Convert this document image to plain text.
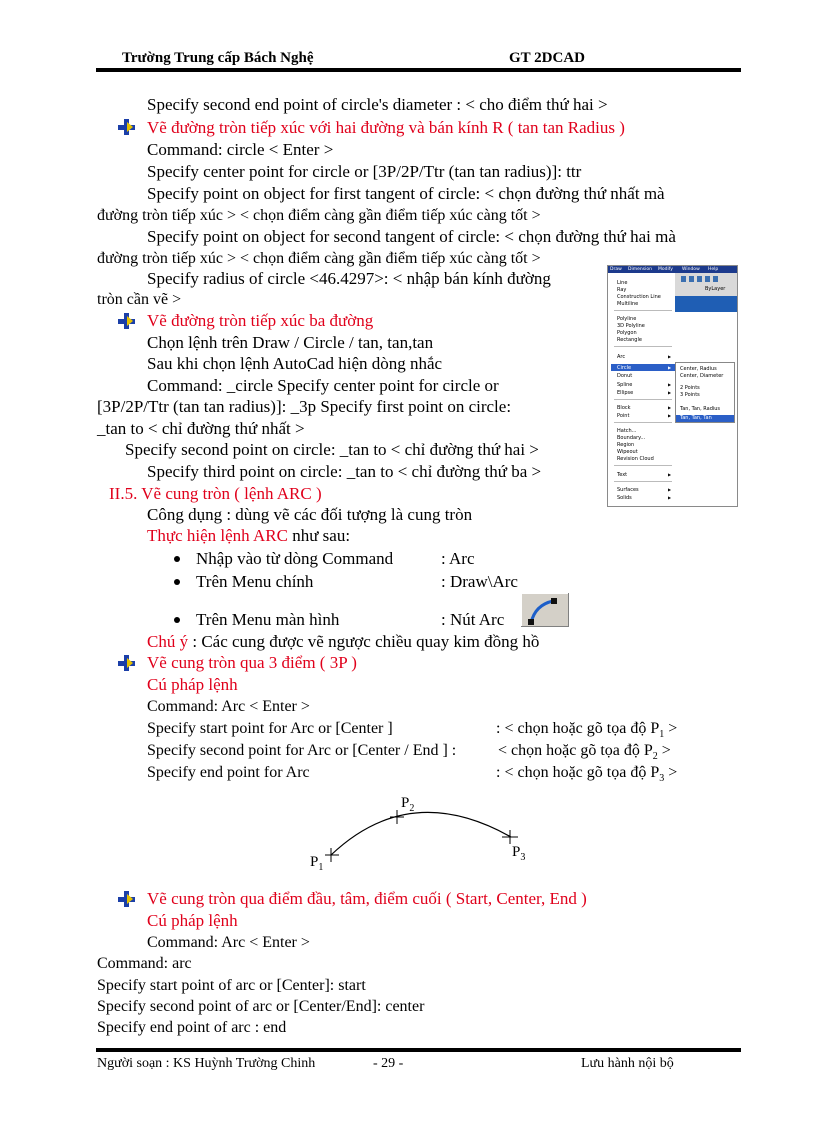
Trường Trung cấp Bách Nghệ	GT 2DCAD
Specify second end point of circle's diameter : < cho điểm thứ hai >
Vẽ đường tròn tiếp xúc với hai đường và bán kính R ( tan tan Radius )
Command: circle < Enter >
Specify center point for circle or [3P/2P/Ttr (tan tan radius)]: ttr
Specify point on object for first tangent of circle: < chọn đường thứ nhất mà
đường tròn tiếp xúc > < chọn điểm càng gần điểm tiếp xúc càng tốt >
Specify point on object for second tangent of circle: < chọn đường thứ hai mà
đường tròn tiếp xúc > < chọn điểm càng gần điểm tiếp xúc càng tốt >
Specify radius of circle <46.4297>: < nhập bán kính đường
tròn cần vẽ >
Vẽ đường tròn tiếp xúc ba đường
Chọn lệnh trên Draw / Circle / tan, tan,tan
Sau khi chọn lệnh AutoCad hiện dòng nhắc
Command: _circle Specify center point for circle or
[3P/2P/Ttr (tan tan radius)]: _3p Specify first point on circle:
_tan to < chỉ đường thứ nhất >
Specify second point on circle: _tan to < chỉ đường thứ hai >
Specify third point on circle: _tan to < chỉ đường thứ ba >
II.5. Vẽ cung tròn ( lệnh ARC )
Công dụng : dùng vẽ các đối tượng là cung tròn
Thực hiện lệnh ARC như sau:
Nhập vào từ dòng Command	: Arc
Trên Menu chính	: Draw\Arc
Trên Menu màn hình	: Nút Arc
Chú ý : Các cung được vẽ ngược chiều quay kim đồng hồ
Vẽ cung tròn qua 3 điểm ( 3P )
Cú pháp lệnh
Command: Arc < Enter >
Specify start point for Arc or [Center ]	: < chọn hoặc gõ tọa độ $P_1$ >
Specify second point for Arc or [Center / End ] :	< chọn hoặc gõ tọa độ $P_2$ >
Specify end point for Arc	: < chọn hoặc gõ tọa độ $P_3$ >
$P_1$
$P_2$
$P_3$
Vẽ cung tròn qua điểm đầu, tâm, điểm cuối ( Start, Center, End )
Cú pháp lệnh
Command: Arc < Enter >
Command: arc
Specify start point of arc or [Center]: start
Specify second point of arc or [Center/End]: center
Specify end point of arc : end
Draw Dimension Modify Window Help
ByLayer
Line
Ray
Construction Line
Multiline
Polyline
3D Polyline
Polygon
Rectangle
Arc	▶
Circle	▶
Donut
Spline	▶
Ellipse	▶
Block	▶
Point	▶
Hatch...
Boundary...
Region
Wipeout
Revision Cloud
Text	▶
Surfaces	▶
Solids	▶
Center, Radius
Center, Diameter
2 Points
3 Points
Tan, Tan, Radius
Tan, Tan, Tan
Người soạn : KS Huỳnh Trường Chinh	- 29 -	Lưu hành nội bộ
